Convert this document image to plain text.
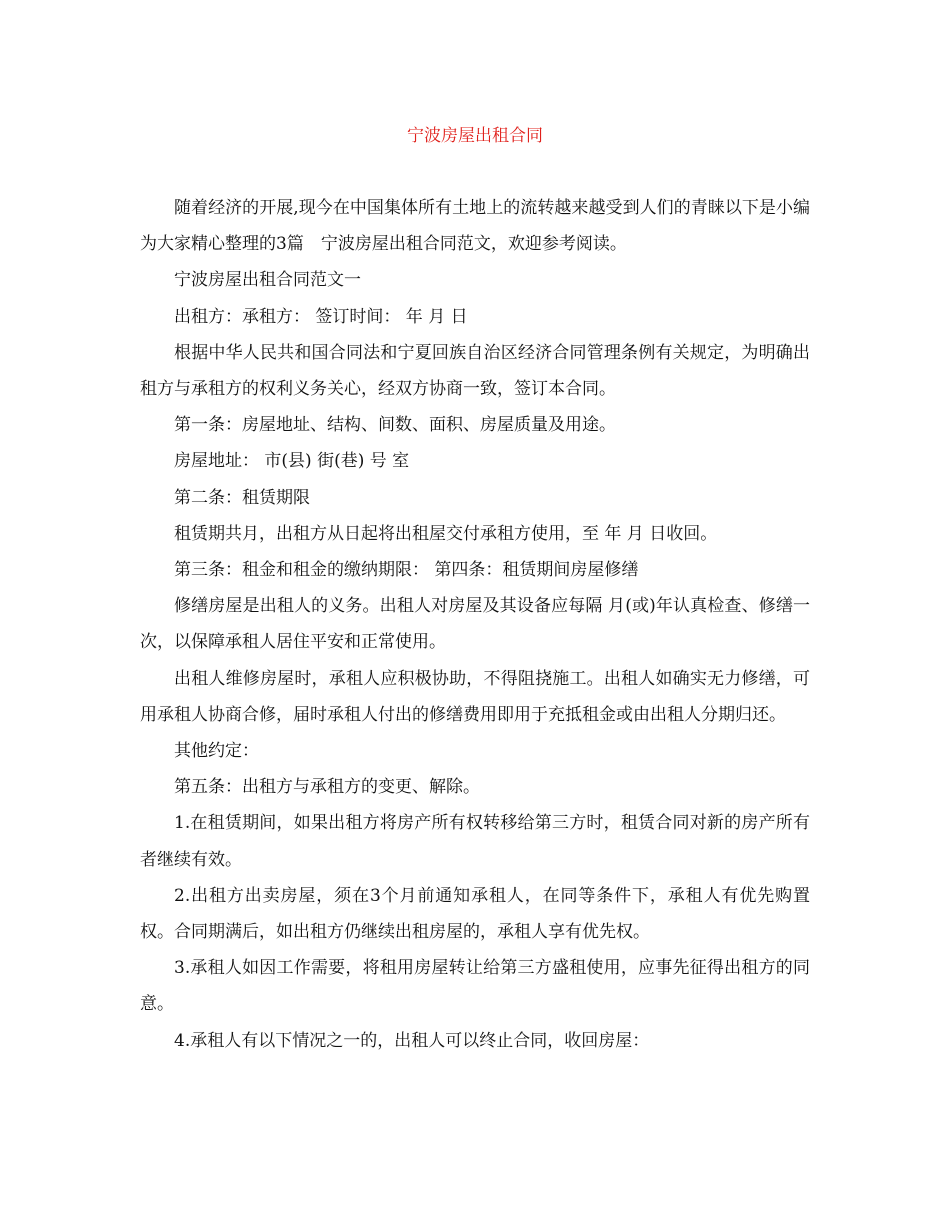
宁波房屋出租合同

随着经济的开展,现今在中国集体所有土地上的流转越来越受到人们的青睐以下是小编为大家精心整理的3篇　宁波房屋出租合同范文，欢迎参考阅读。

宁波房屋出租合同范文一

出租方：承租方： 签订时间： 年 月 日

根据中华人民共和国合同法和宁夏回族自治区经济合同管理条例有关规定，为明确出租方与承租方的权利义务关心，经双方协商一致，签订本合同。

第一条：房屋地址、结构、间数、面积、房屋质量及用途。

房屋地址： 市(县) 街(巷) 号 室

第二条：租赁期限

租赁期共月，出租方从日起将出租屋交付承租方使用，至 年 月 日收回。

第三条：租金和租金的缴纳期限： 第四条：租赁期间房屋修缮

修缮房屋是出租人的义务。出租人对房屋及其设备应每隔 月(或)年认真检查、修缮一次，以保障承租人居住平安和正常使用。

出租人维修房屋时，承租人应积极协助，不得阻挠施工。出租人如确实无力修缮，可用承租人协商合修，届时承租人付出的修缮费用即用于充抵租金或由出租人分期归还。

其他约定：

第五条：出租方与承租方的变更、解除。

1.在租赁期间，如果出租方将房产所有权转移给第三方时，租赁合同对新的房产所有者继续有效。

2.出租方出卖房屋，须在3个月前通知承租人，在同等条件下，承租人有优先购置权。合同期满后，如出租方仍继续出租房屋的，承租人享有优先权。

3.承租人如因工作需要，将租用房屋转让给第三方盛租使用，应事先征得出租方的同意。

4.承租人有以下情况之一的，出租人可以终止合同，收回房屋：
